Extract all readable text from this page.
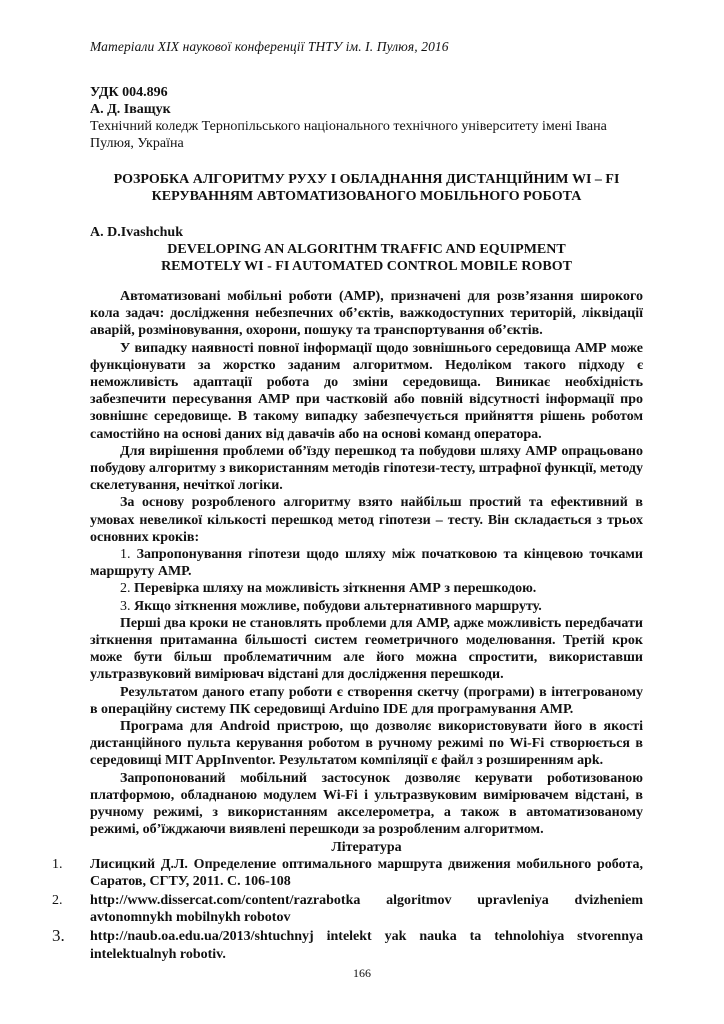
Матеріали XIX наукової конференції ТНТУ ім. І. Пулюя, 2016
УДК 004.896
А. Д. Іващук
Технічний коледж Тернопільського національного технічного університету імені Івана Пулюя, Україна
РОЗРОБКА АЛГОРИТМУ РУХУ І ОБЛАДНАННЯ ДИСТАНЦІЙНИМ WI – FI КЕРУВАННЯМ АВТОМАТИЗОВАНОГО МОБІЛЬНОГО РОБОТА
A. D.Ivashchuk
DEVELOPING AN ALGORITHM TRAFFIC AND EQUIPMENT REMOTELY WI - FI AUTOMATED CONTROL MOBILE ROBOT

Автоматизовані мобільні роботи (АМР), призначені для розв’язання широкого кола задач: дослідження небезпечних об’єктів, важкодоступних територій, ліквідації аварій, розміновування, охорони, пошуку та транспортування об’єктів.

У випадку наявності повної інформації щодо зовнішнього середовища АМР може функціонувати за жорстко заданим алгоритмом. Недоліком такого підходу є неможливість адаптації робота до зміни середовища. Виникає необхідність забезпечити пересування АМР при частковій або повній відсутності інформації про зовнішнє середовище. В такому випадку забезпечується прийняття рішень роботом самостійно на основі даних від давачів або на основі команд оператора.

Для вирішення проблеми об’їзду перешкод та побудови шляху АМР опрацьовано побудову алгоритму з використанням методів гіпотези-тесту, штрафної функції, методу скелетування, нечіткої логіки.

За основу розробленого алгоритму взято найбільш простий та ефективний в умовах невеликої кількості перешкод метод гіпотези – тесту. Він складається з трьох основних кроків:

1. Запропонування гіпотези щодо шляху між початковою та кінцевою точками маршруту АМР.

2. Перевірка шляху на можливість зіткнення АМР з перешкодою.

3. Якщо зіткнення можливе, побудови альтернативного маршруту.

Перші два кроки не становлять проблеми для АМР, адже можливість передбачати зіткнення притаманна більшості систем геометричного моделювання. Третій крок може бути більш проблематичним але його можна спростити, використавши ультразвуковий вимірювач відстані для дослідження перешкоди.

Результатом даного етапу роботи є створення скетчу (програми) в інтегрованому в операційну систему ПК середовищі Arduino IDE для програмування АМР.

Програма для Android пристрою, що дозволяє використовувати його в якості дистанційного пульта керування роботом в ручному режимі по Wi-Fi створюється в середовищі MIT AppInventor. Результатом компіляції є файл з розширенням apk.

Запропонований мобільний застосунок дозволяє керувати роботизованою платформою, обладнаною модулем Wi-Fi і ультразвуковим вимірювачем відстані, в ручному режимі, з використанням акселерометра, а також в автоматизованому режимі, об’їжджаючи виявлені перешкоди за розробленим алгоритмом.

Література
1. Лисицкий Д.Л. Определение оптимального маршрута движения мобильного робота, Саратов, СГТУ, 2011. С. 106-108
2. http://www.dissercat.com/content/razrabotka algoritmov upravleniya dvizheniem avtonomnykh mobilnykh robotov
3. http://naub.oa.edu.ua/2013/shtuchnyj intelekt yak nauka ta tehnolohiya stvorennya intelektualnyh robotiv.
166
